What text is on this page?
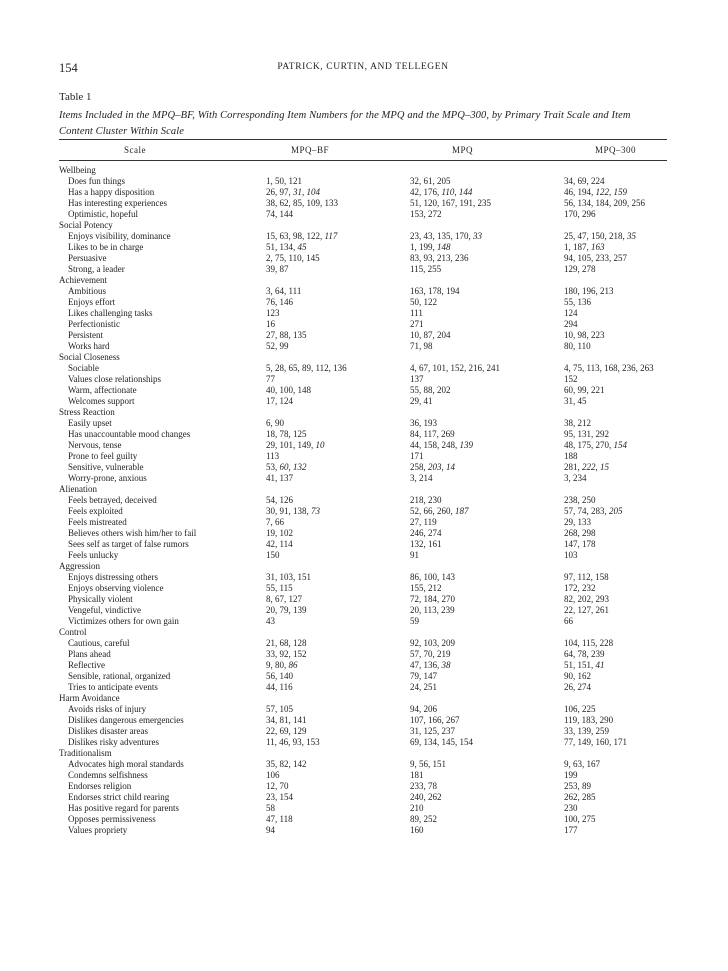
154	PATRICK, CURTIN, AND TELLEGEN
Table 1
Items Included in the MPQ–BF, With Corresponding Item Numbers for the MPQ and the MPQ–300, by Primary Trait Scale and Item Content Cluster Within Scale
Scale	MPQ–BF	MPQ	MPQ–300
Wellbeing
Does fun things	1, 50, 121	32, 61, 205	34, 69, 224
Has a happy disposition	26, 97, 31, 104	42, 176, 110, 144	46, 194, 122, 159
Has interesting experiences	38, 62, 85, 109, 133	51, 120, 167, 191, 235	56, 134, 184, 209, 256
Optimistic, hopeful	74, 144	153, 272	170, 296
Social Potency
Enjoys visibility, dominance	15, 63, 98, 122, 117	23, 43, 135, 170, 33	25, 47, 150, 218, 35
Likes to be in charge	51, 134, 45	1, 199, 148	1, 187, 163
Persuasive	2, 75, 110, 145	83, 93, 213, 236	94, 105, 233, 257
Strong, a leader	39, 87	115, 255	129, 278
Achievement
Ambitious	3, 64, 111	163, 178, 194	180, 196, 213
Enjoys effort	76, 146	50, 122	55, 136
Likes challenging tasks	123	111	124
Perfectionistic	16	271	294
Persistent	27, 88, 135	10, 87, 204	10, 98, 223
Works hard	52, 99	71, 98	80, 110
Social Closeness
Sociable	5, 28, 65, 89, 112, 136	4, 67, 101, 152, 216, 241	4, 75, 113, 168, 236, 263
Values close relationships	77	137	152
Warm, affectionate	40, 100, 148	55, 88, 202	60, 99, 221
Welcomes support	17, 124	29, 41	31, 45
Stress Reaction
Easily upset	6, 90	36, 193	38, 212
Has unaccountable mood changes	18, 78, 125	84, 117, 269	95, 131, 292
Nervous, tense	29, 101, 149, 10	44, 158, 248, 139	48, 175, 270, 154
Prone to feel guilty	113	171	188
Sensitive, vulnerable	53, 60, 132	258, 203, 14	281, 222, 15
Worry-prone, anxious	41, 137	3, 214	3, 234
Alienation
Feels betrayed, deceived	54, 126	218, 230	238, 250
Feels exploited	30, 91, 138, 73	52, 66, 260, 187	57, 74, 283, 205
Feels mistreated	7, 66	27, 119	29, 133
Believes others wish him/her to fail	19, 102	246, 274	268, 298
Sees self as target of false rumors	42, 114	132, 161	147, 178
Feels unlucky	150	91	103
Aggression
Enjoys distressing others	31, 103, 151	86, 100, 143	97, 112, 158
Enjoys observing violence	55, 115	155, 212	172, 232
Physically violent	8, 67, 127	72, 184, 270	82, 202, 293
Vengeful, vindictive	20, 79, 139	20, 113, 239	22, 127, 261
Victimizes others for own gain	43	59	66
Control
Cautious, careful	21, 68, 128	92, 103, 209	104, 115, 228
Plans ahead	33, 92, 152	57, 70, 219	64, 78, 239
Reflective	9, 80, 86	47, 136, 38	51, 151, 41
Sensible, rational, organized	56, 140	79, 147	90, 162
Tries to anticipate events	44, 116	24, 251	26, 274
Harm Avoidance
Avoids risks of injury	57, 105	94, 206	106, 225
Dislikes dangerous emergencies	34, 81, 141	107, 166, 267	119, 183, 290
Dislikes disaster areas	22, 69, 129	31, 125, 237	33, 139, 259
Dislikes risky adventures	11, 46, 93, 153	69, 134, 145, 154	77, 149, 160, 171
Traditionalism
Advocates high moral standards	35, 82, 142	9, 56, 151	9, 63, 167
Condemns selfishness	106	181	199
Endorses religion	12, 70	233, 78	253, 89
Endorses strict child rearing	23, 154	240, 262	262, 285
Has positive regard for parents	58	210	230
Opposes permissiveness	47, 118	89, 252	100, 275
Values propriety	94	160	177
